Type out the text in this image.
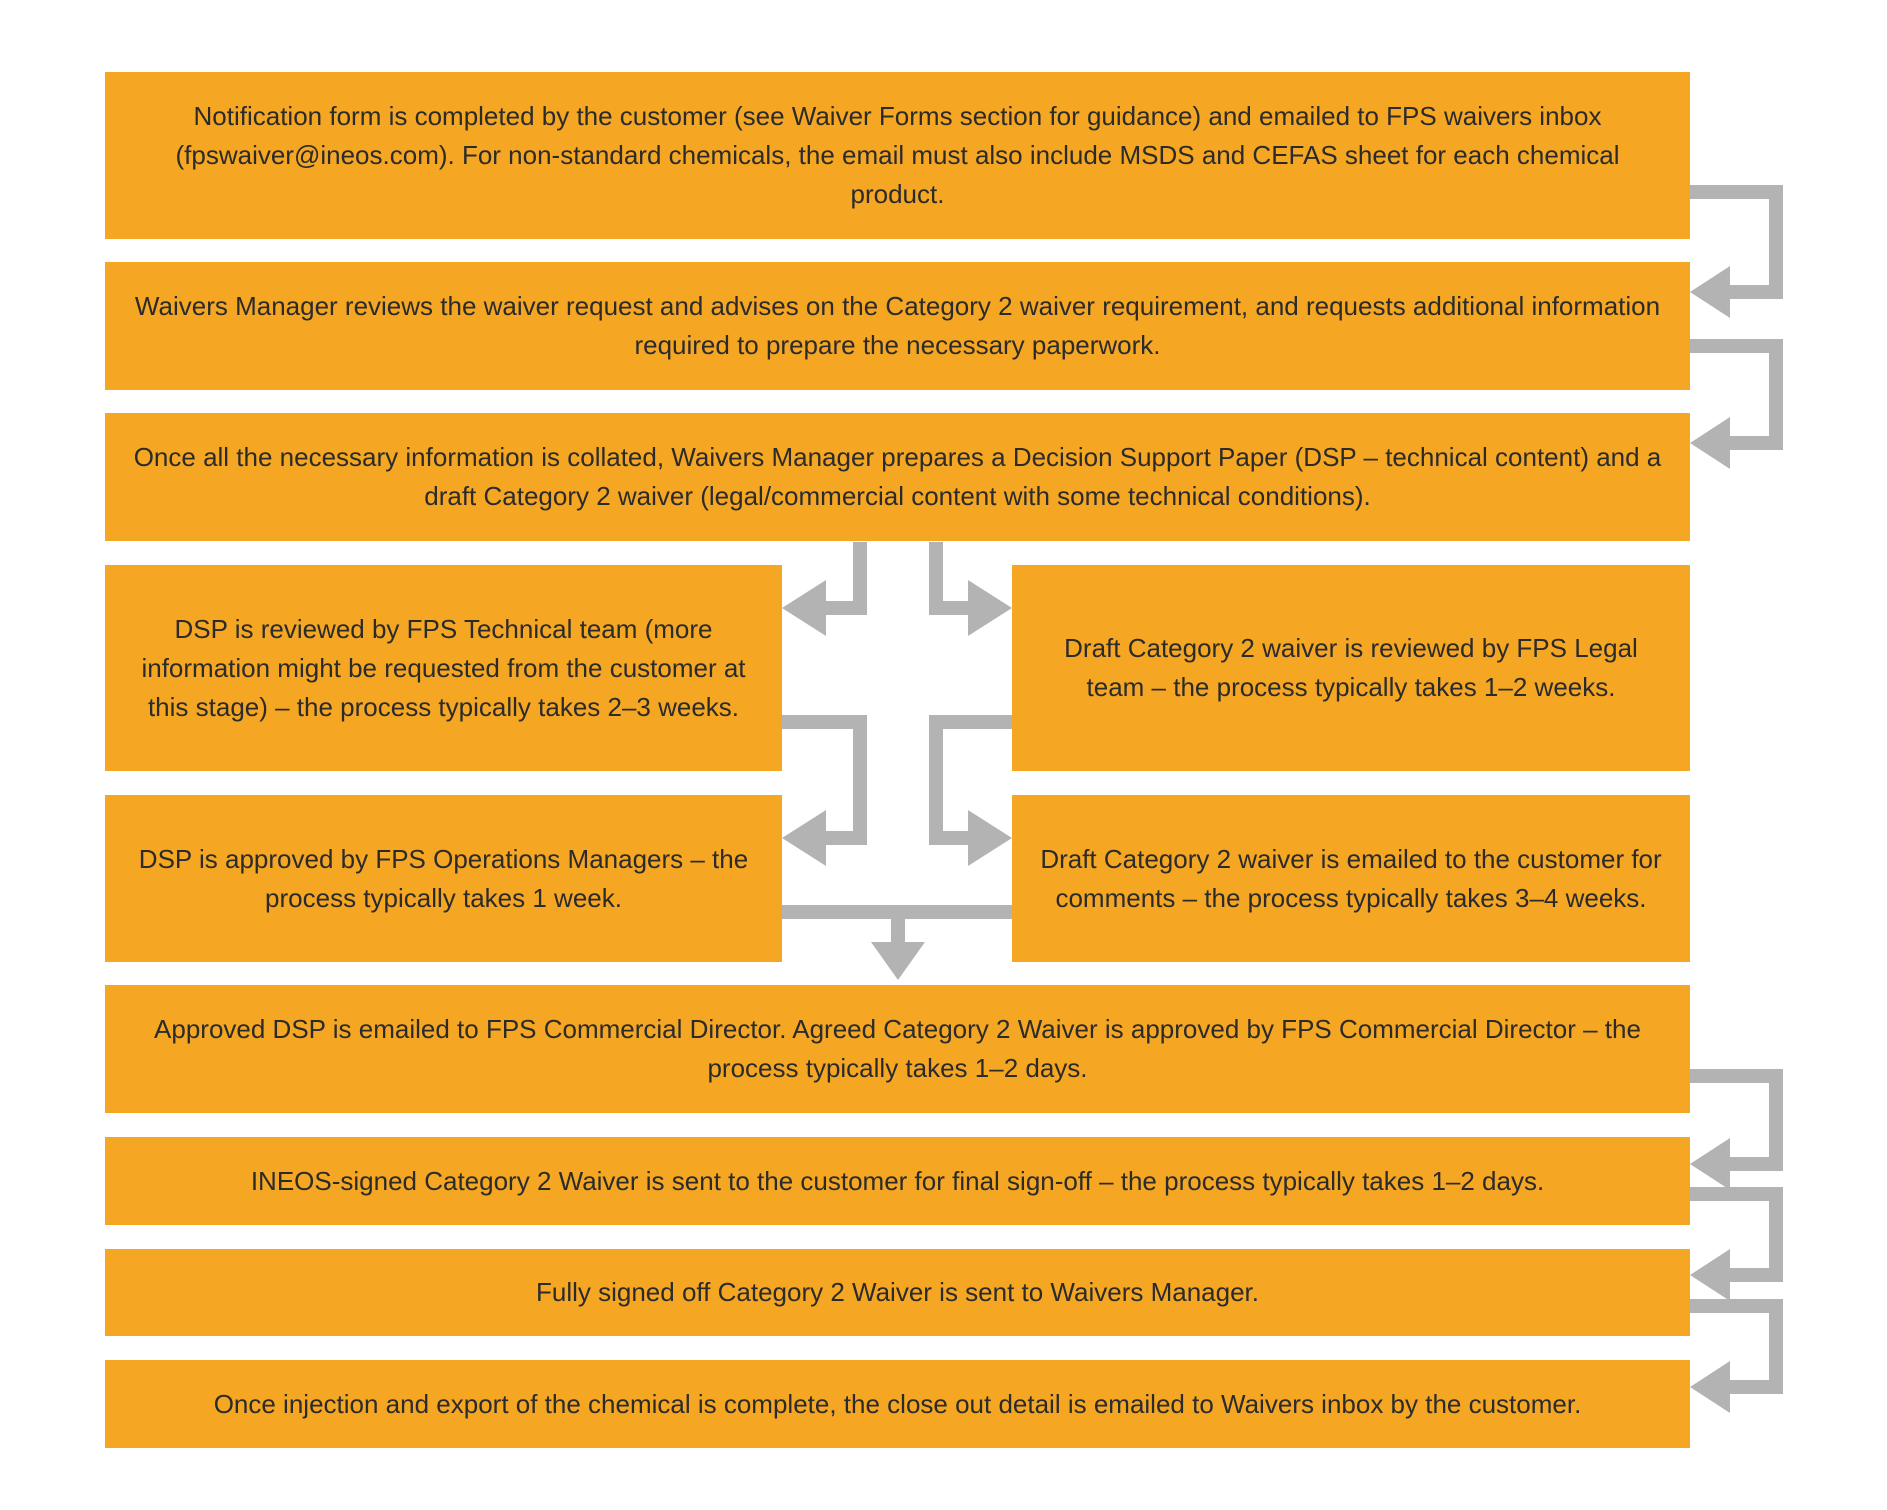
Notification form is completed by the customer (see Waiver Forms section for guidance) and emailed to FPS waivers inbox (fpswaiver@ineos.com). For non-standard chemicals, the email must also include MSDS and CEFAS sheet for each chemical product.
Waivers Manager reviews the waiver request and advises on the Category 2 waiver requirement, and requests additional information required to prepare the necessary paperwork.
Once all the necessary information is collated, Waivers Manager prepares a Decision Support Paper (DSP – technical content) and a draft Category 2 waiver (legal/commercial content with some technical conditions).
DSP is reviewed by FPS Technical team (more information might be requested from the customer at this stage) – the process typically takes 2–3 weeks.
Draft Category 2 waiver is reviewed by FPS Legal team – the process typically takes 1–2 weeks.
DSP is approved by FPS Operations Managers – the process typically takes 1 week.
Draft Category 2 waiver is emailed to the customer for comments – the process typically takes 3–4 weeks.
Approved DSP is emailed to FPS Commercial Director. Agreed Category 2 Waiver is approved by FPS Commercial Director – the process typically takes 1–2 days.
INEOS-signed Category 2 Waiver is sent to the customer for final sign-off – the process typically takes 1–2 days.
Fully signed off Category 2 Waiver is sent to Waivers Manager.
Once injection and export of the chemical is complete, the close out detail is emailed to Waivers inbox by the customer.
